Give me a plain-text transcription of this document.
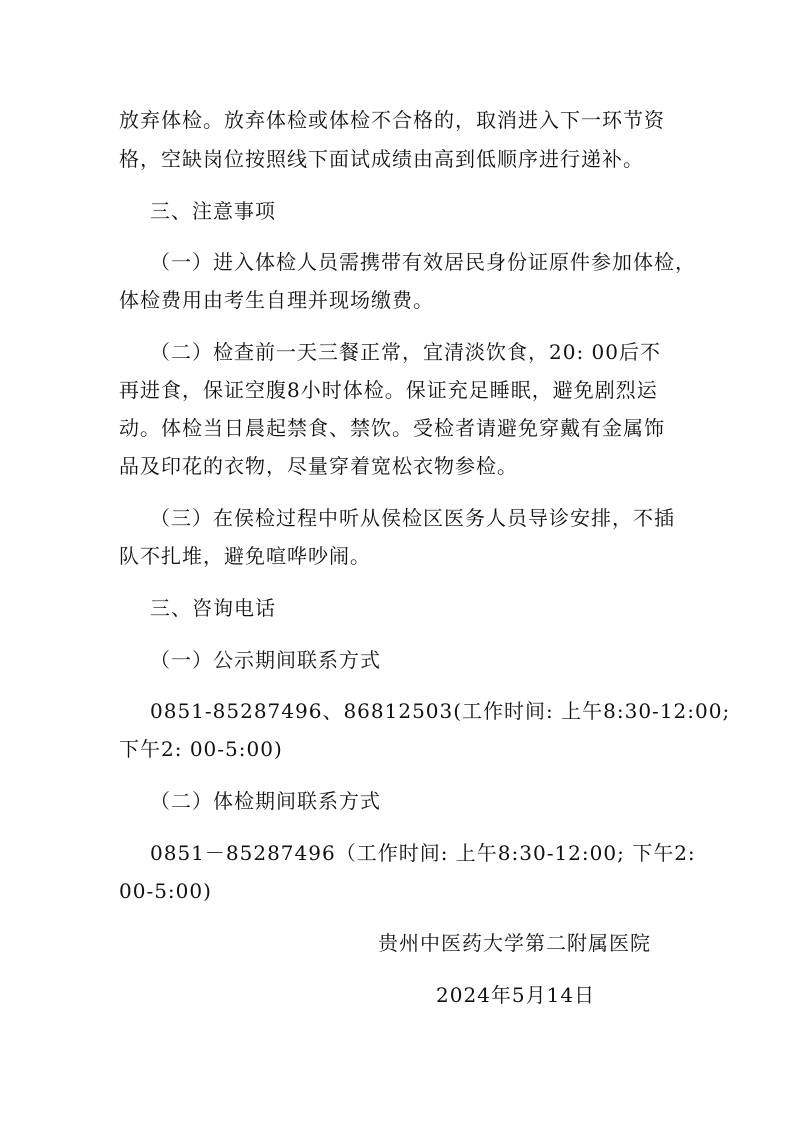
放弃体检。放弃体检或体检不合格的，取消进入下一环节资
格，空缺岗位按照线下面试成绩由高到低顺序进行递补。
三、注意事项
（一）进入体检人员需携带有效居民身份证原件参加体检，
体检费用由考生自理并现场缴费。
（二）检查前一天三餐正常，宜清淡饮食，20: 00后不
再进食，保证空腹8小时体检。保证充足睡眠，避免剧烈运
动。体检当日晨起禁食、禁饮。受检者请避免穿戴有金属饰
品及印花的衣物，尽量穿着宽松衣物参检。
（三）在侯检过程中听从侯检区医务人员导诊安排，不插
队不扎堆，避免喧哗吵闹。
三、咨询电话
（一）公示期间联系方式
0851-85287496、86812503(工作时间: 上午8:30-12:00;
下午2: 00-5:00)
（二）体检期间联系方式
0851－85287496（工作时间: 上午8:30-12:00; 下午2:
00-5:00)
贵州中医药大学第二附属医院
2024年5月14日
